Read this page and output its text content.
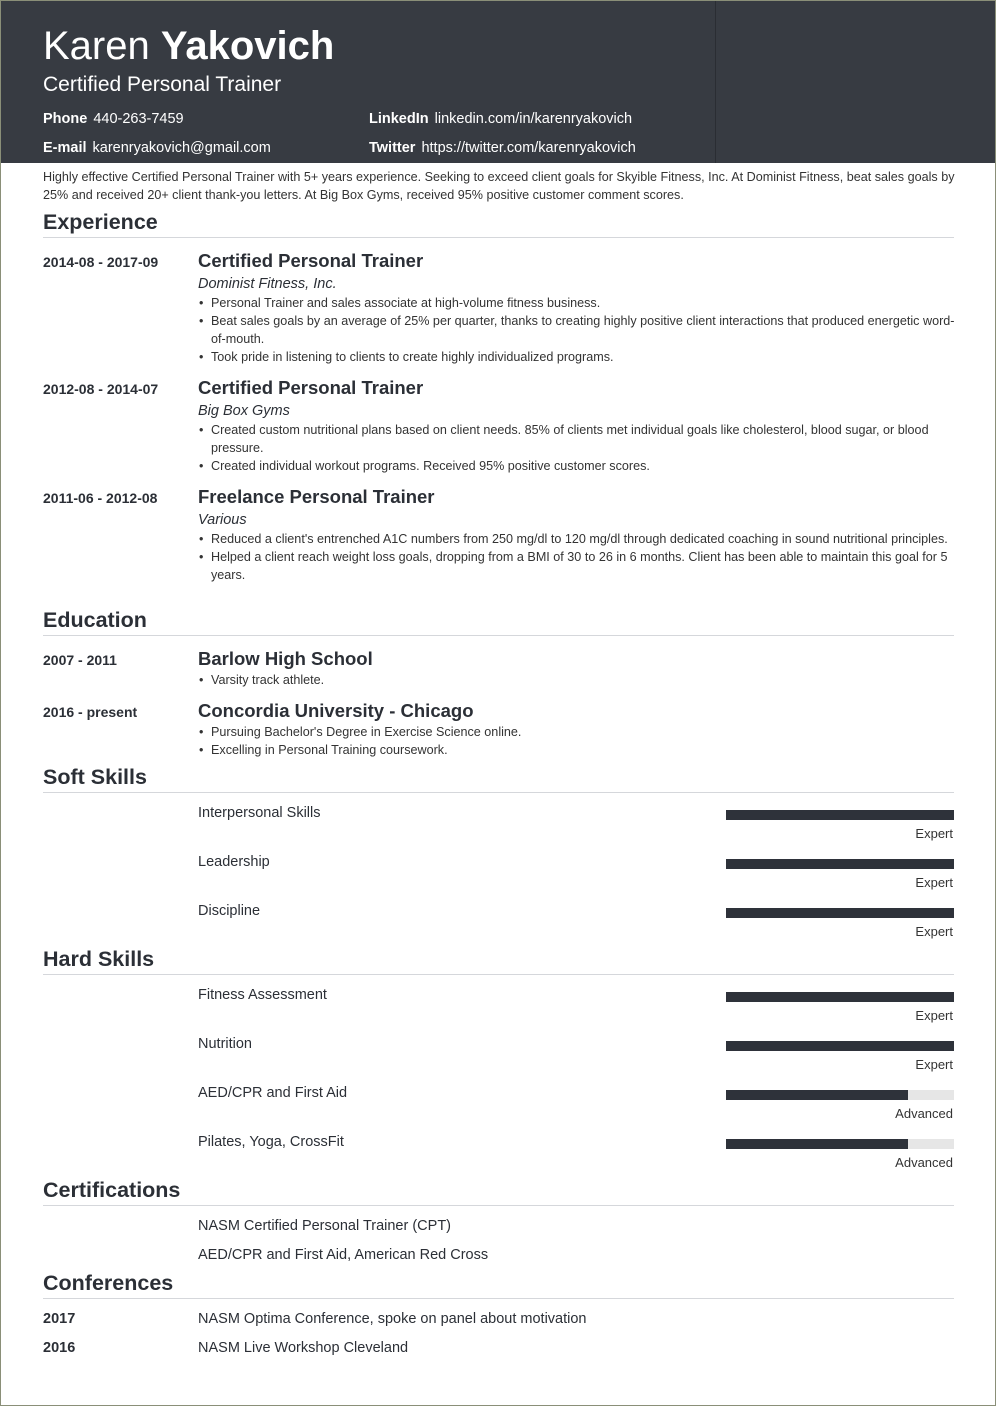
Karen Yakovich
Certified Personal Trainer
Phone 440-263-7459
E-mail karenryakovich@gmail.com
LinkedIn linkedin.com/in/karenryakovich
Twitter https://twitter.com/karenryakovich
Highly effective Certified Personal Trainer with 5+ years experience. Seeking to exceed client goals for Skyible Fitness, Inc. At Dominist Fitness, beat sales goals by 25% and received 20+ client thank-you letters. At Big Box Gyms, received 95% positive customer comment scores.
Experience
2014-08 - 2017-09 Certified Personal Trainer
Dominist Fitness, Inc.
• Personal Trainer and sales associate at high-volume fitness business.
• Beat sales goals by an average of 25% per quarter, thanks to creating highly positive client interactions that produced energetic word-of-mouth.
• Took pride in listening to clients to create highly individualized programs.
2012-08 - 2014-07 Certified Personal Trainer
Big Box Gyms
• Created custom nutritional plans based on client needs. 85% of clients met individual goals like cholesterol, blood sugar, or blood pressure.
• Created individual workout programs. Received 95% positive customer scores.
2011-06 - 2012-08 Freelance Personal Trainer
Various
• Reduced a client's entrenched A1C numbers from 250 mg/dl to 120 mg/dl through dedicated coaching in sound nutritional principles.
• Helped a client reach weight loss goals, dropping from a BMI of 30 to 26 in 6 months. Client has been able to maintain this goal for 5 years.
Education
2007 - 2011	Barlow High School
• Varsity track athlete.
2016 - present	Concordia University - Chicago
• Pursuing Bachelor's Degree in Exercise Science online.
• Excelling in Personal Training coursework.
Soft Skills
Interpersonal Skills
Expert
Leadership
Expert
Discipline
Expert
Hard Skills
Fitness Assessment
Expert
Nutrition
Expert
AED/CPR and First Aid
Advanced
Pilates, Yoga, CrossFit
Advanced
Certifications
NASM Certified Personal Trainer (CPT)
AED/CPR and First Aid, American Red Cross
Conferences
2017	NASM Optima Conference, spoke on panel about motivation
2016	NASM Live Workshop Cleveland
